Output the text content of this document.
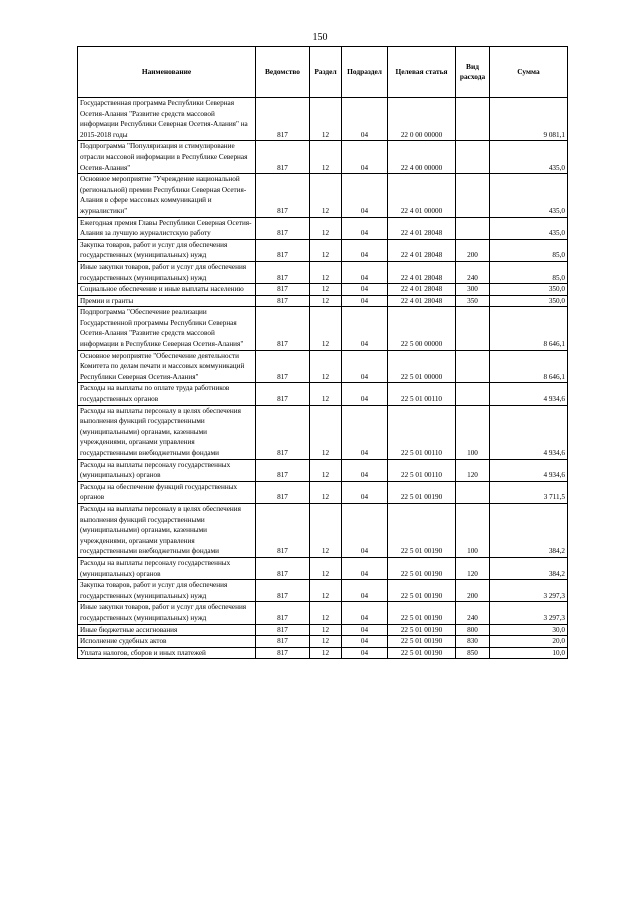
150
Наименование	Ведомство	Раздел	Подраздел	Целевая статья	Вид расхода	Сумма
Государственная программа Республики Северная Осетия-Алания "Развитие средств массовой информации Республики Северная Осетия-Алания" на 2015-2018 годы	817	12	04	22 0 00 00000		9 081,1
Подпрограмма "Популяризация и стимулирование отрасли массовой информации в Республике Северная Осетия-Алания"	817	12	04	22 4 00 00000		435,0
Основное мероприятие "Учреждение национальной (региональной) премии Республики Северная Осетия-Алания в сфере массовых коммуникаций и журналистики"	817	12	04	22 4 01 00000		435,0
Ежегодная премия Главы Республики Северная Осетия-Алания за лучшую журналистскую работу	817	12	04	22 4 01 28048		435,0
Закупка товаров, работ и услуг для обеспечения государственных (муниципальных) нужд	817	12	04	22 4 01 28048	200	85,0
Иные закупки товаров, работ и услуг для обеспечения государственных (муниципальных) нужд	817	12	04	22 4 01 28048	240	85,0
Социальное обеспечение и иные выплаты населению	817	12	04	22 4 01 28048	300	350,0
Премии и гранты	817	12	04	22 4 01 28048	350	350,0
Подпрограмма "Обеспечение реализации Государственной программы Республики Северная Осетия-Алания "Развитие средств массовой информации в Республике Северная Осетия-Алания"	817	12	04	22 5 00 00000		8 646,1
Основное мероприятие "Обеспечение деятельности Комитета по делам печати и массовых коммуникаций Республики Северная Осетия-Алания"	817	12	04	22 5 01 00000		8 646,1
Расходы на выплаты по оплате труда работников государственных органов	817	12	04	22 5 01 00110		4 934,6
Расходы на выплаты персоналу в целях обеспечения выполнения функций государственными (муниципальными) органами, казенными учреждениями, органами управления государственными внебюджетными фондами	817	12	04	22 5 01 00110	100	4 934,6
Расходы на выплаты персоналу государственных (муниципальных) органов	817	12	04	22 5 01 00110	120	4 934,6
Расходы на обеспечение функций государственных органов	817	12	04	22 5 01 00190		3 711,5
Расходы на выплаты персоналу в целях обеспечения выполнения функций государственными (муниципальными) органами, казенными учреждениями, органами управления государственными внебюджетными фондами	817	12	04	22 5 01 00190	100	384,2
Расходы на выплаты персоналу государственных (муниципальных) органов	817	12	04	22 5 01 00190	120	384,2
Закупка товаров, работ и услуг для обеспечения государственных (муниципальных) нужд	817	12	04	22 5 01 00190	200	3 297,3
Иные закупки товаров, работ и услуг для обеспечения государственных (муниципальных) нужд	817	12	04	22 5 01 00190	240	3 297,3
Иные бюджетные ассигнования	817	12	04	22 5 01 00190	800	30,0
Исполнение судебных актов	817	12	04	22 5 01 00190	830	20,0
Уплата налогов, сборов и иных платежей	817	12	04	22 5 01 00190	850	10,0
